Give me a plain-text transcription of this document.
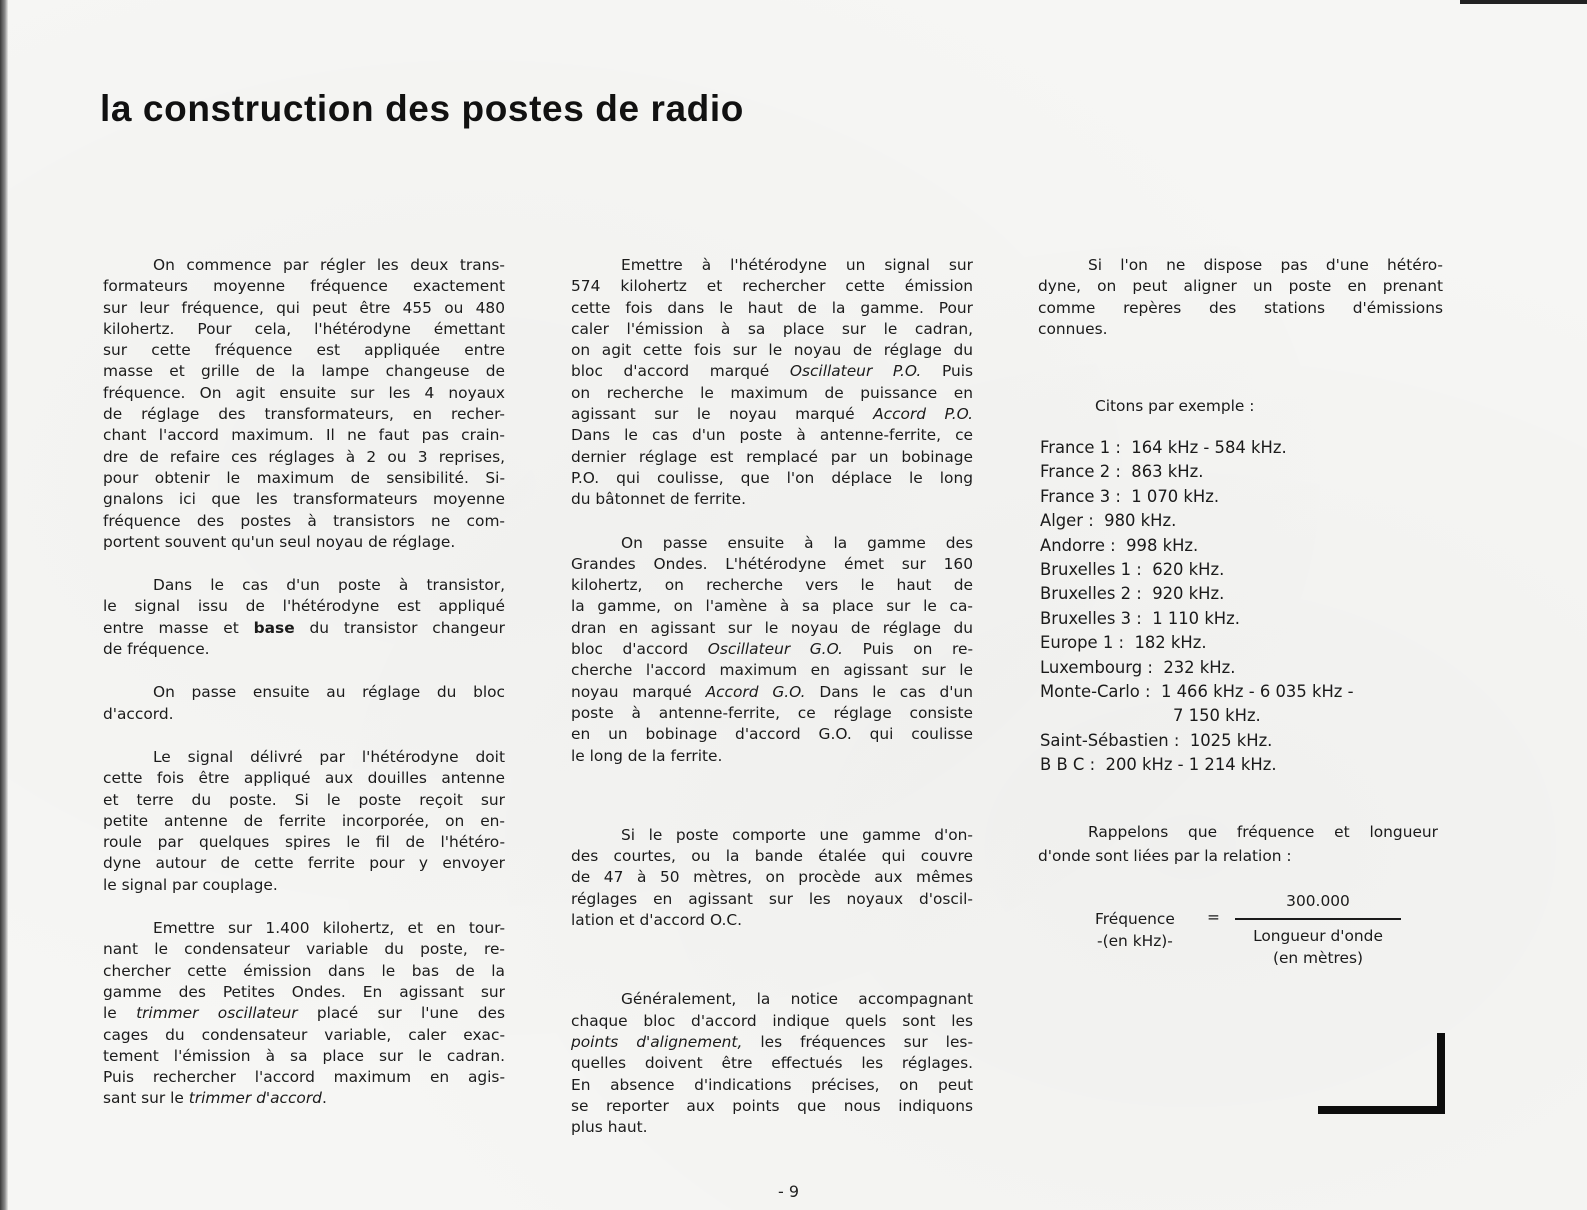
la construction des postes de radio
On commence par régler les deux trans-
formateurs moyenne fréquence exactement
sur leur fréquence, qui peut être 455 ou 480
kilohertz. Pour cela, l'hétérodyne émettant
sur cette fréquence est appliquée entre
masse et grille de la lampe changeuse de
fréquence. On agit ensuite sur les 4 noyaux
de réglage des transformateurs, en recher-
chant l'accord maximum. Il ne faut pas crain-
dre de refaire ces réglages à 2 ou 3 reprises,
pour obtenir le maximum de sensibilité. Si-
gnalons ici que les transformateurs moyenne
fréquence des postes à transistors ne com-
portent souvent qu'un seul noyau de réglage.
Dans le cas d'un poste à transistor,
le signal issu de l'hétérodyne est appliqué
entre masse et base du transistor changeur
de fréquence.
On passe ensuite au réglage du bloc
d'accord.
Le signal délivré par l'hétérodyne doit
cette fois être appliqué aux douilles antenne
et terre du poste. Si le poste reçoit sur
petite antenne de ferrite incorporée, on en-
roule par quelques spires le fil de l'hétéro-
dyne autour de cette ferrite pour y envoyer
le signal par couplage.
Emettre sur 1.400 kilohertz, et en tour-
nant le condensateur variable du poste, re-
chercher cette émission dans le bas de la
gamme des Petites Ondes. En agissant sur
le trimmer oscillateur placé sur l'une des
cages du condensateur variable, caler exac-
tement l'émission à sa place sur le cadran.
Puis rechercher l'accord maximum en agis-
sant sur le trimmer d'accord.
Emettre à l'hétérodyne un signal sur
574 kilohertz et rechercher cette émission
cette fois dans le haut de la gamme. Pour
caler l'émission à sa place sur le cadran,
on agit cette fois sur le noyau de réglage du
bloc d'accord marqué Oscillateur P.O. Puis
on recherche le maximum de puissance en
agissant sur le noyau marqué Accord P.O.
Dans le cas d'un poste à antenne-ferrite, ce
dernier réglage est remplacé par un bobinage
P.O. qui coulisse, que l'on déplace le long
du bâtonnet de ferrite.
On passe ensuite à la gamme des
Grandes Ondes. L'hétérodyne émet sur 160
kilohertz, on recherche vers le haut de
la gamme, on l'amène à sa place sur le ca-
dran en agissant sur le noyau de réglage du
bloc d'accord Oscillateur G.O. Puis on re-
cherche l'accord maximum en agissant sur le
noyau marqué Accord G.O. Dans le cas d'un
poste à antenne-ferrite, ce réglage consiste
en un bobinage d'accord G.O. qui coulisse
le long de la ferrite.
Si le poste comporte une gamme d'on-
des courtes, ou la bande étalée qui couvre
de 47 à 50 mètres, on procède aux mêmes
réglages en agissant sur les noyaux d'oscil-
lation et d'accord O.C.
Généralement, la notice accompagnant
chaque bloc d'accord indique quels sont les
points d'alignement, les fréquences sur les-
quelles doivent être effectués les réglages.
En absence d'indications précises, on peut
se reporter aux points que nous indiquons
plus haut.
Si l'on ne dispose pas d'une hétéro-
dyne, on peut aligner un poste en prenant
comme repères des stations d'émissions
connues.
Citons par exemple :
France 1 : 164 kHz - 584 kHz.
France 2 : 863 kHz.
France 3 : 1 070 kHz.
Alger : 980 kHz.
Andorre : 998 kHz.
Bruxelles 1 : 620 kHz.
Bruxelles 2 : 920 kHz.
Bruxelles 3 : 1 110 kHz.
Europe 1 : 182 kHz.
Luxembourg : 232 kHz.
Monte-Carlo : 1 466 kHz - 6 035 kHz -
7 150 kHz.
Saint-Sébastien : 1025 kHz.
B B C : 200 kHz - 1 214 kHz.
Rappelons que fréquence et longueur
d'onde sont liées par la relation :
Fréquence
-(en kHz)-
=
300.000
Longueur d'onde
(en mètres)
- 9
